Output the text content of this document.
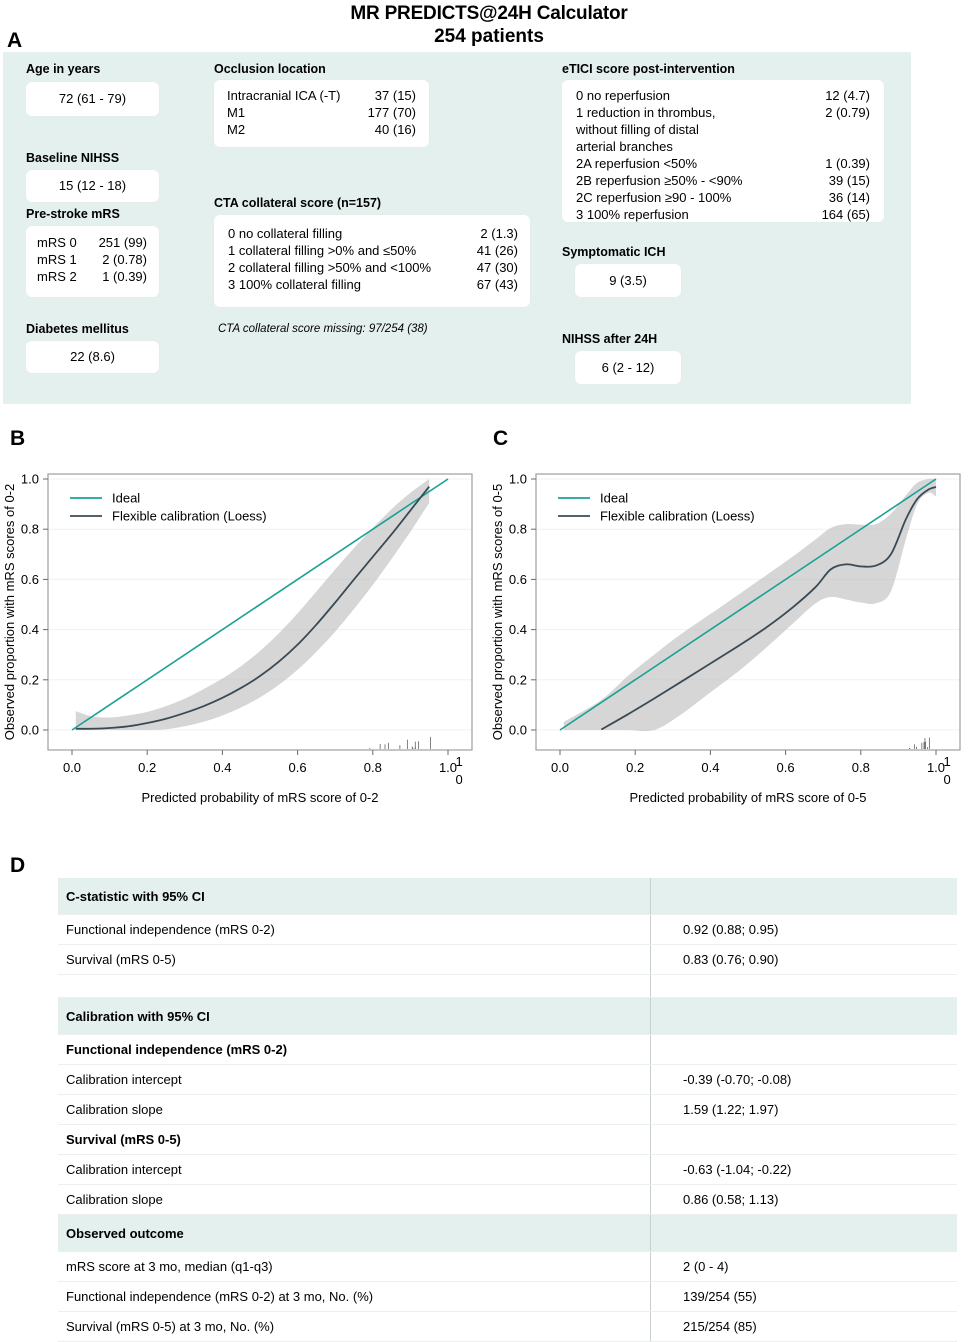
MR PREDICTS@24H Calculator
254 patients
A
Age in years
72 (61 - 79)
Baseline NIHSS
15 (12 - 18)
Pre-stroke mRS
mRS 0 251 (99)
mRS 1 2 (0.78)
mRS 2 1 (0.39)
Diabetes mellitus
22 (8.6)
Occlusion location
Intracranial ICA (-T)	37 (15)
M1	177 (70)
M2	40 (16)
CTA collateral score (n=157)
0 no collateral filling	2 (1.3)
1 collateral filling >0% and ≤50%	41 (26)
2 collateral filling >50% and <100%	47 (30)
3 100% collateral filling	67 (43)
CTA collateral score missing: 97/254 (38)
eTICI score post-intervention
0 no reperfusion	12 (4.7)
1 reduction in thrombus,	2 (0.79)
without filling of distal
arterial branches
2A reperfusion <50%	1 (0.39)
2B reperfusion ≥50% - <90%	39 (15)
2C reperfusion ≥90 - 100%	36 (14)
3 100% reperfusion	164 (65)
Symptomatic ICH
9 (3.5)
NIHSS after 24H
6 (2 - 12)
B
1
0
0.0
0.2
0.4
0.6
0.8
1.0
0.0	0.2	0.4	0.6	0.8	1.0
Predicted probability of mRS score of 0-2
Observed proportion with mRS scores of 0-2	Ideal
Flexible calibration (Loess)
C
1
0
0.0
0.2
0.4
0.6
0.8
1.0
0.0	0.2	0.4	0.6	0.8	1.0
Predicted probability of mRS score of 0-5
Observed proportion with mRS scores of 0-5	Ideal
Flexible calibration (Loess)
D
C-statistic with 95% CI	
Functional independence (mRS 0-2)	0.92 (0.88; 0.95)
Survival (mRS 0-5)	0.83 (0.76; 0.90)

Calibration with 95% CI	
Functional independence (mRS 0-2)	
Calibration intercept	-0.39 (-0.70; -0.08)
Calibration slope	1.59 (1.22; 1.97)
Survival (mRS 0-5)	
Calibration intercept	-0.63 (-1.04; -0.22)
Calibration slope	0.86 (0.58; 1.13)
Observed outcome	
mRS score at 3 mo, median (q1-q3)	2 (0 - 4)
Functional independence (mRS 0-2) at 3 mo, No. (%)	139/254 (55)
Survival (mRS 0-5) at 3 mo, No. (%)	215/254 (85)
